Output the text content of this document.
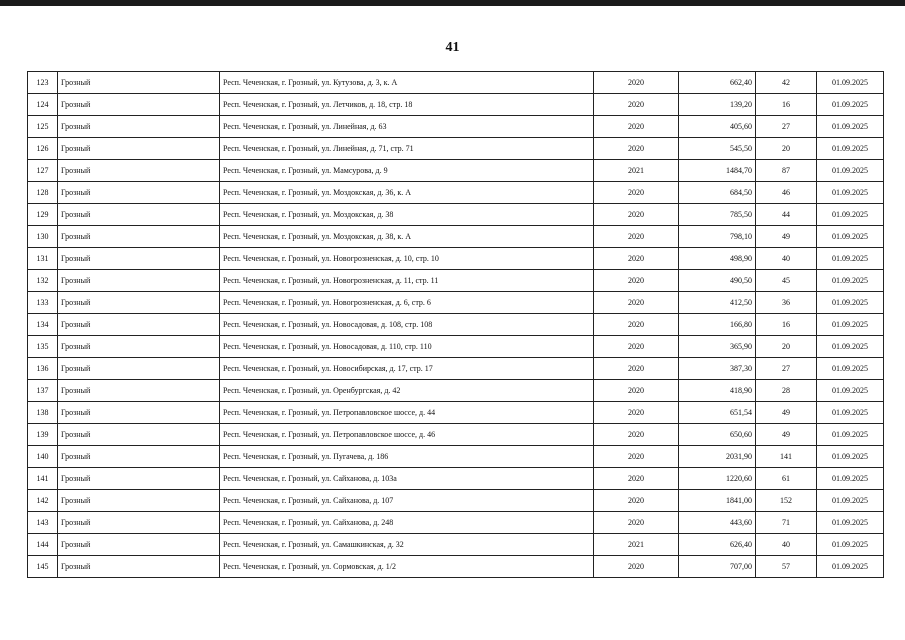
41
123	Грозный	Респ. Чеченская, г. Грозный, ул. Кутузова, д. 3, к. А	2020	662,40	42	01.09.2025
124	Грозный	Респ. Чеченская, г. Грозный, ул. Летчиков, д. 18, стр. 18	2020	139,20	16	01.09.2025
125	Грозный	Респ. Чеченская, г. Грозный, ул. Линейная, д. 63	2020	405,60	27	01.09.2025
126	Грозный	Респ. Чеченская, г. Грозный, ул. Линейная, д. 71, стр. 71	2020	545,50	20	01.09.2025
127	Грозный	Респ. Чеченская, г. Грозный, ул. Мамсурова, д. 9	2021	1484,70	87	01.09.2025
128	Грозный	Респ. Чеченская, г. Грозный, ул. Моздокская, д. 36, к. А	2020	684,50	46	01.09.2025
129	Грозный	Респ. Чеченская, г. Грозный, ул. Моздокская, д. 38	2020	785,50	44	01.09.2025
130	Грозный	Респ. Чеченская, г. Грозный, ул. Моздокская, д. 38, к. А	2020	798,10	49	01.09.2025
131	Грозный	Респ. Чеченская, г. Грозный, ул. Новогрозненская, д. 10, стр. 10	2020	498,90	40	01.09.2025
132	Грозный	Респ. Чеченская, г. Грозный, ул. Новогрозненская, д. 11, стр. 11	2020	490,50	45	01.09.2025
133	Грозный	Респ. Чеченская, г. Грозный, ул. Новогрозненская, д. 6, стр. 6	2020	412,50	36	01.09.2025
134	Грозный	Респ. Чеченская, г. Грозный, ул. Новосадовая, д. 108, стр. 108	2020	166,80	16	01.09.2025
135	Грозный	Респ. Чеченская, г. Грозный, ул. Новосадовая, д. 110, стр. 110	2020	365,90	20	01.09.2025
136	Грозный	Респ. Чеченская, г. Грозный, ул. Новосибирская, д. 17, стр. 17	2020	387,30	27	01.09.2025
137	Грозный	Респ. Чеченская, г. Грозный, ул. Оренбургская, д. 42	2020	418,90	28	01.09.2025
138	Грозный	Респ. Чеченская, г. Грозный, ул. Петропавловское шоссе, д. 44	2020	651,54	49	01.09.2025
139	Грозный	Респ. Чеченская, г. Грозный, ул. Петропавловское шоссе, д. 46	2020	650,60	49	01.09.2025
140	Грозный	Респ. Чеченская, г. Грозный, ул. Пугачева, д. 186	2020	2031,90	141	01.09.2025
141	Грозный	Респ. Чеченская, г. Грозный, ул. Сайханова, д. 103а	2020	1220,60	61	01.09.2025
142	Грозный	Респ. Чеченская, г. Грозный, ул. Сайханова, д. 107	2020	1841,00	152	01.09.2025
143	Грозный	Респ. Чеченская, г. Грозный, ул. Сайханова, д. 248	2020	443,60	71	01.09.2025
144	Грозный	Респ. Чеченская, г. Грозный, ул. Самашкинская, д. 32	2021	626,40	40	01.09.2025
145	Грозный	Респ. Чеченская, г. Грозный, ул. Сормовская, д. 1/2	2020	707,00	57	01.09.2025
